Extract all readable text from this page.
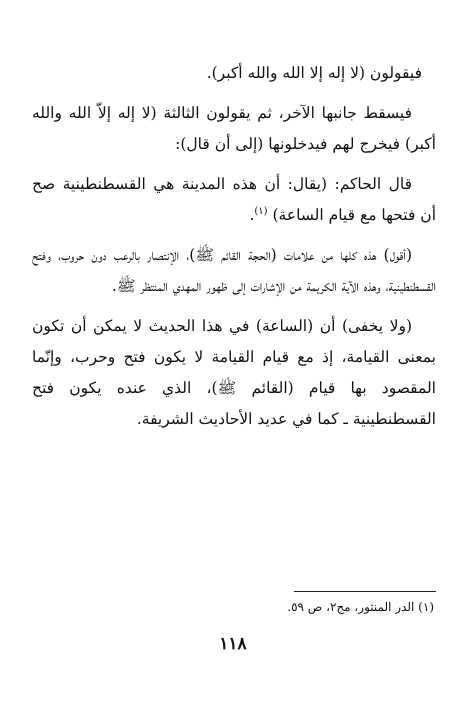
فيقولون (لا إله إلا الله والله أكبر).

فيسقط جانبها الآخر، ثم يقولون الثالثة (لا إله إلاّ الله والله أكبر) فيخرج لهم فيدخلونها (إلى أن قال):

قال الحاكم: (يقال: أن هذه المدينة هي القسطنطينية صح أن فتحها مع قيام الساعة) $^{(١)}$.

(أقول) هذه كلها من علامات (الحجة القائم ﷺ)، الإنتصار بالرعب دون حروب، وفتح القسطنطينية، وهذه الآية الكريمة من الإشارات إلى ظهور المهدي المنتظر ﷺ.

(ولا يخفى) أن (الساعة) في هذا الحديث لا يمكن أن تكون بمعنى القيامة، إذ مع قيام القيامة لا يكون فتح وحرب، وإنّما المقصود بها قيام (القائم ﷺ)، الذي عنده يكون فتح القسطنطينية ـ كما في عديد الأحاديث الشريفة.

(١) الدر المنثور، مج٢، ص ٥٩.
١١٨
